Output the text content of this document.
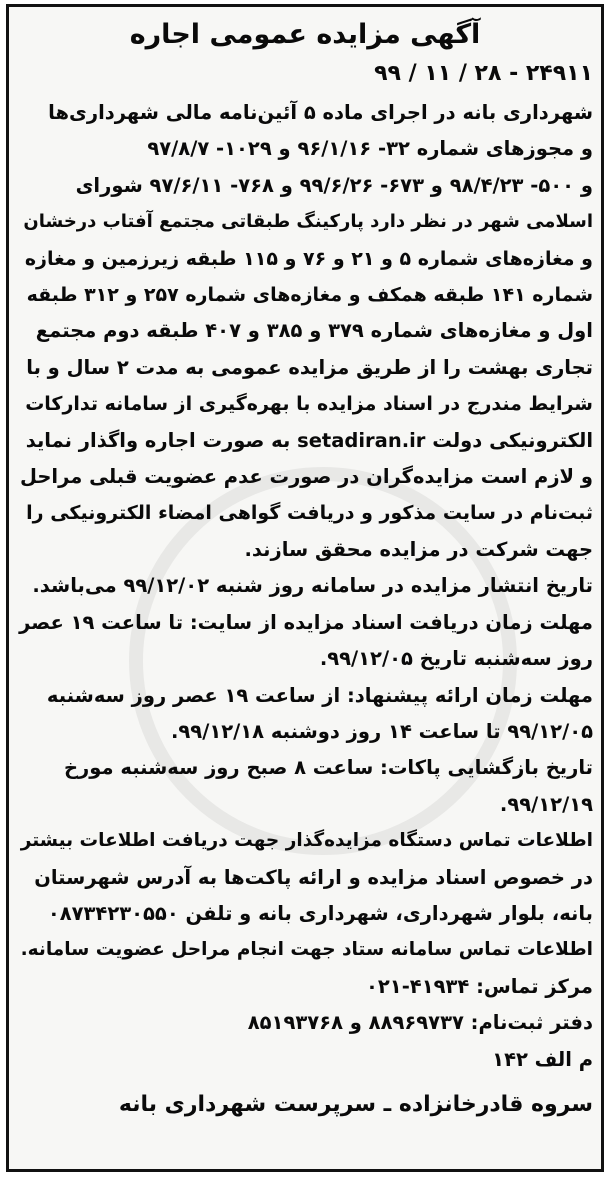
آگهی مزایده عمومی اجاره
۲۴۹۱۱ - ۲۸ / ۱۱ / ۹۹
شهرداری بانه در اجرای ماده ۵ آئین‌نامه مالی شهرداری‌ها
و مجوزهای شماره ۳۲- ۹۶/۱/۱۶ و ۱۰۲۹- ۹۷/۸/۷
و ۵۰۰- ۹۸/۴/۲۳ و ۶۷۳- ۹۹/۶/۲۶ و ۷۶۸- ۹۷/۶/۱۱ شورای
اسلامی شهر در نظر دارد پارکینگ طبقاتی مجتمع آفتاب درخشان
و مغازه‌های شماره ۵ و ۲۱ و ۷۶ و ۱۱۵ طبقه زیرزمین و مغازه
شماره ۱۴۱ طبقه همکف و مغازه‌های شماره ۲۵۷ و ۳۱۲ طبقه
اول و مغازه‌های شماره ۳۷۹ و ۳۸۵ و ۴۰۷ طبقه دوم مجتمع
تجاری بهشت را از طریق مزایده عمومی به مدت ۲ سال و با
شرایط مندرج در اسناد مزایده با بهره‌گیری از سامانه تدارکات
الکترونیکی دولت setadiran.ir به صورت اجاره واگذار نماید
و لازم است مزایده‌گران در صورت عدم عضویت قبلی مراحل
ثبت‌نام در سایت مذکور و دریافت گواهی امضاء الکترونیکی را
جهت شرکت در مزایده محقق سازند.
تاریخ انتشار مزایده در سامانه روز شنبه ۹۹/۱۲/۰۲ می‌باشد.
مهلت زمان دریافت اسناد مزایده از سایت: تا ساعت ۱۹ عصر
روز سه‌شنبه تاریخ ۹۹/۱۲/۰۵.
مهلت زمان ارائه پیشنهاد: از ساعت ۱۹ عصر روز سه‌شنبه
۹۹/۱۲/۰۵ تا ساعت ۱۴ روز دوشنبه ۹۹/۱۲/۱۸.
تاریخ بازگشایی پاکات: ساعت ۸ صبح روز سه‌شنبه مورخ
۹۹/۱۲/۱۹.
اطلاعات تماس دستگاه مزایده‌گذار جهت دریافت اطلاعات بیشتر
در خصوص اسناد مزایده و ارائه پاکت‌ها به آدرس شهرستان
بانه، بلوار شهرداری، شهرداری بانه و تلفن ۰۸۷۳۴۲۳۰۵۵۰
اطلاعات تماس سامانه ستاد جهت انجام مراحل عضویت سامانه.
مرکز تماس: ۴۱۹۳۴-۰۲۱
دفتر ثبت‌نام: ۸۸۹۶۹۷۳۷ و ۸۵۱۹۳۷۶۸
م الف ۱۴۲
سروه قادرخانزاده ـ سرپرست شهرداری بانه
